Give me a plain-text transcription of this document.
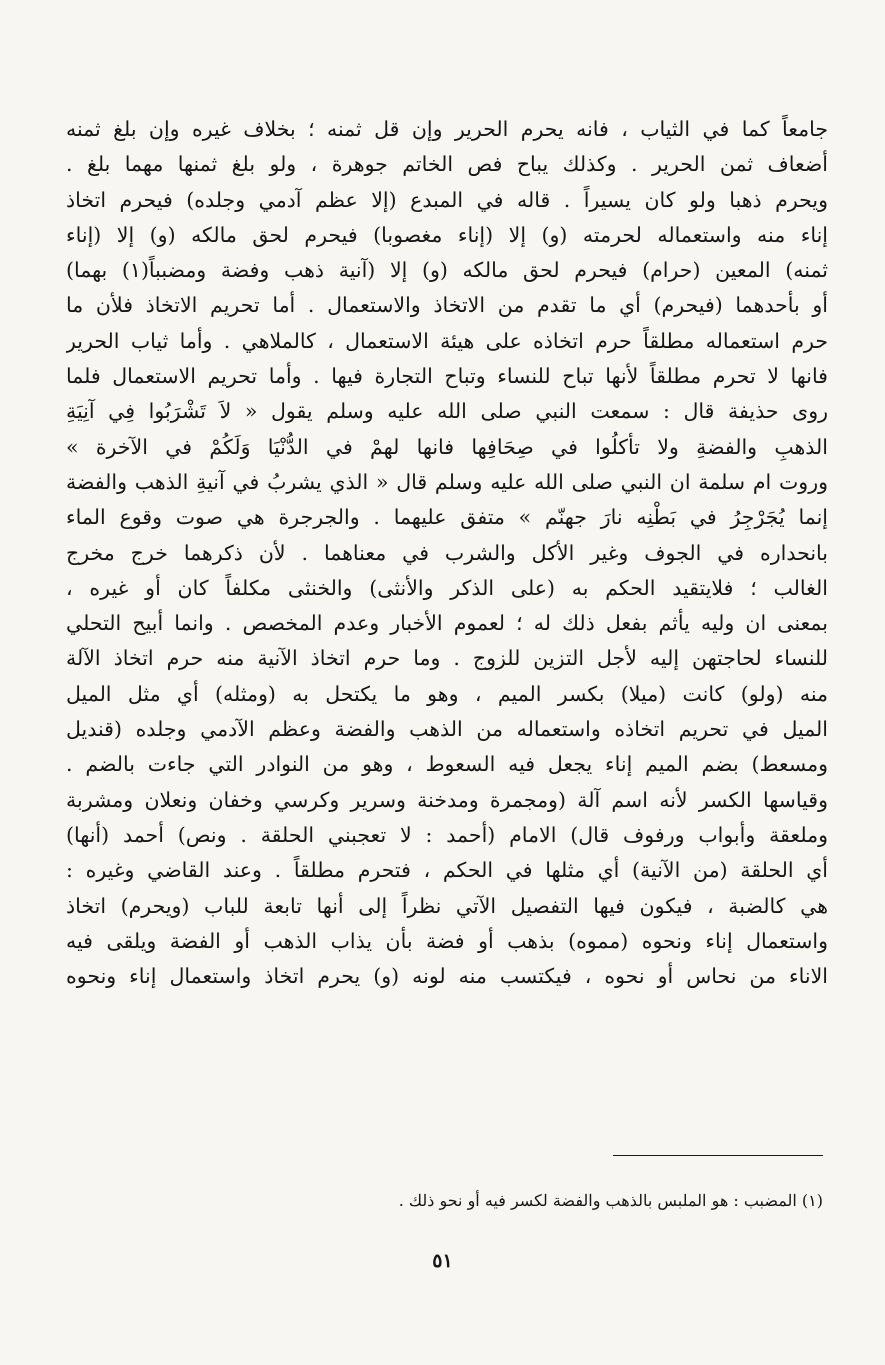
جامعاً كما في الثياب ، فانه يحرم الحرير وإن قل ثمنه ؛ بخلاف غيره وإن بلغ ثمنه
أضعاف ثمن الحرير . وكذلك يباح فص الخاتم جوهرة ، ولو بلغ ثمنها مهما بلغ .
ويحرم ذهبا ولو كان يسيراً . قاله في المبدع (إلا عظم آدمي وجلده) فيحرم اتخاذ
إناء منه واستعماله لحرمته (و) إلا (إناء مغصوبا) فيحرم لحق مالكه (و) إلا (إناء
ثمنه) المعين (حرام) فيحرم لحق مالكه (و) إلا (آنية ذهب وفضة ومضبباً(١) بهما)
أو بأحدهما (فيحرم) أي ما تقدم من الاتخاذ والاستعمال . أما تحريم الاتخاذ فلأن ما
حرم استعماله مطلقاً حرم اتخاذه على هيئة الاستعمال ، كالملاهي . وأما ثياب الحرير
فانها لا تحرم مطلقاً لأنها تباح للنساء وتباح التجارة فيها . وأما تحريم الاستعمال فلما
روى حذيفة قال : سمعت النبي صلى الله عليه وسلم يقول « لاَ تَشْرَبُوا فِي آنِيَةِ
الذهبِ والفضةِ ولا تأكلُوا في صِحَافِها فانها لهمْ في الدُّنْيَا وَلَكُمْ في الآخرة »
وروت ام سلمة ان النبي صلى الله عليه وسلم قال « الذي يشربُ في آنيةِ الذهب والفضة
إنما يُجَرْجِرُ في بَطْنِه نارَ جهنّم » متفق عليهما . والجرجرة هي صوت وقوع الماء
بانحداره في الجوف وغير الأكل والشرب في معناهما . لأن ذكرهما خرج مخرج
الغالب ؛ فلايتقيد الحكم به (على الذكر والأنثى) والخنثى مكلفاً كان أو غيره ،
بمعنى ان وليه يأثم بفعل ذلك له ؛ لعموم الأخبار وعدم المخصص . وانما أبيح التحلي
للنساء لحاجتهن إليه لأجل التزين للزوج . وما حرم اتخاذ الآنية منه حرم اتخاذ الآلة
منه (ولو) كانت (ميلا) بكسر الميم ، وهو ما يكتحل به (ومثله) أي مثل الميل
الميل في تحريم اتخاذه واستعماله من الذهب والفضة وعظم الآدمي وجلده (قنديل
ومسعط) بضم الميم إناء يجعل فيه السعوط ، وهو من النوادر التي جاءت بالضم .
وقياسها الكسر لأنه اسم آلة (ومجمرة ومدخنة وسرير وكرسي وخفان ونعلان ومشربة
وملعقة وأبواب ورفوف قال) الامام (أحمد : لا تعجبني الحلقة . ونص) أحمد (أنها)
أي الحلقة (من الآنية) أي مثلها في الحكم ، فتحرم مطلقاً . وعند القاضي وغيره :
هي كالضبة ، فيكون فيها التفصيل الآتي نظراً إلى أنها تابعة للباب (ويحرم) اتخاذ
واستعمال إناء ونحوه (مموه) بذهب أو فضة بأن يذاب الذهب أو الفضة ويلقى فيه
الاناء من نحاس أو نحوه ، فيكتسب منه لونه (و) يحرم اتخاذ واستعمال إناء ونحوه
(١) المضبب : هو الملبس بالذهب والفضة لكسر فيه أو نحو ذلك .
٥١
